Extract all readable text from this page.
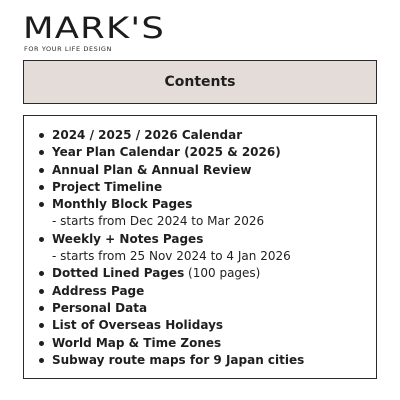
MARK'S
FOR YOUR LIFE DESIGN
Contents
2024 / 2025 / 2026 Calendar
Year Plan Calendar (2025 & 2026)
Annual Plan & Annual Review
Project Timeline
Monthly Block Pages
- starts from Dec 2024 to Mar 2026
Weekly + Notes Pages
- starts from 25 Nov 2024 to 4 Jan 2026
Dotted Lined Pages (100 pages)
Address Page
Personal Data
List of Overseas Holidays
World Map & Time Zones
Subway route maps for 9 Japan cities
